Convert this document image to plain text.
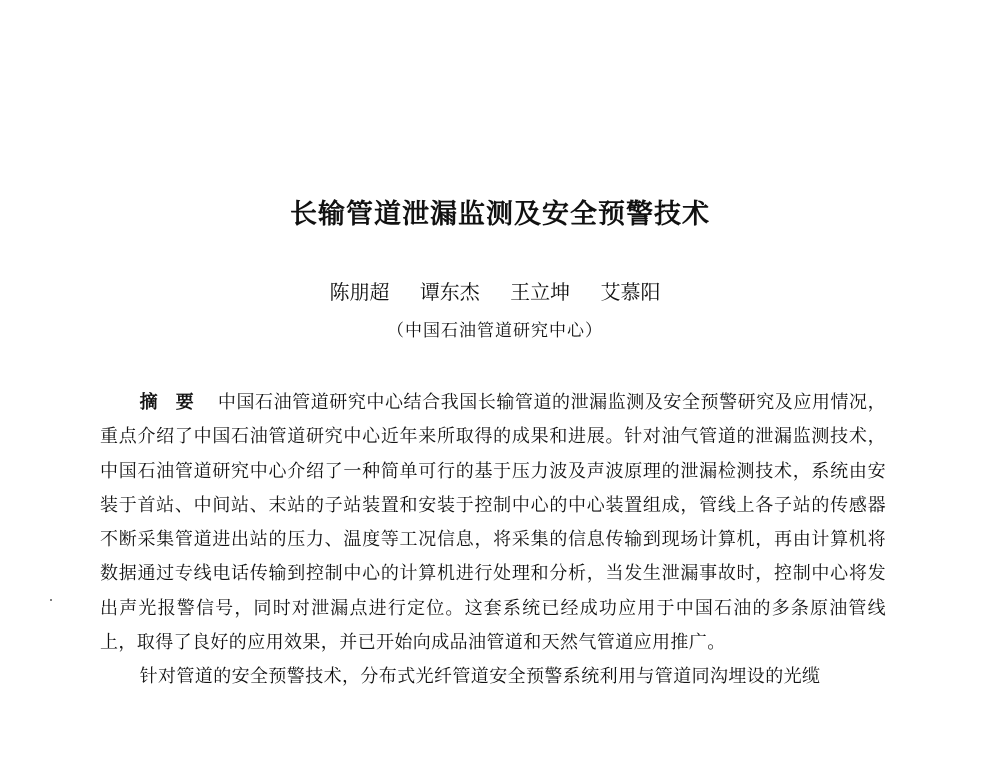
长输管道泄漏监测及安全预警技术
陈朋超 谭东杰 王立坤 艾慕阳
（中国石油管道研究中心）

摘要 中国石油管道研究中心结合我国长输管道的泄漏监测及安全预警研究及应用情况，重点介绍了中国石油管道研究中心近年来所取得的成果和进展。针对油气管道的泄漏监测技术，中国石油管道研究中心介绍了一种简单可行的基于压力波及声波原理的泄漏检测技术，系统由安装于首站、中间站、末站的子站装置和安装于控制中心的中心装置组成，管线上各子站的传感器不断采集管道进出站的压力、温度等工况信息，将采集的信息传输到现场计算机，再由计算机将数据通过专线电话传输到控制中心的计算机进行处理和分析，当发生泄漏事故时，控制中心将发出声光报警信号，同时对泄漏点进行定位。这套系统已经成功应用于中国石油的多条原油管线上，取得了良好的应用效果，并已开始向成品油管道和天然气管道应用推广。

针对管道的安全预警技术，分布式光纤管道安全预警系统利用与管道同沟埋设的光缆
